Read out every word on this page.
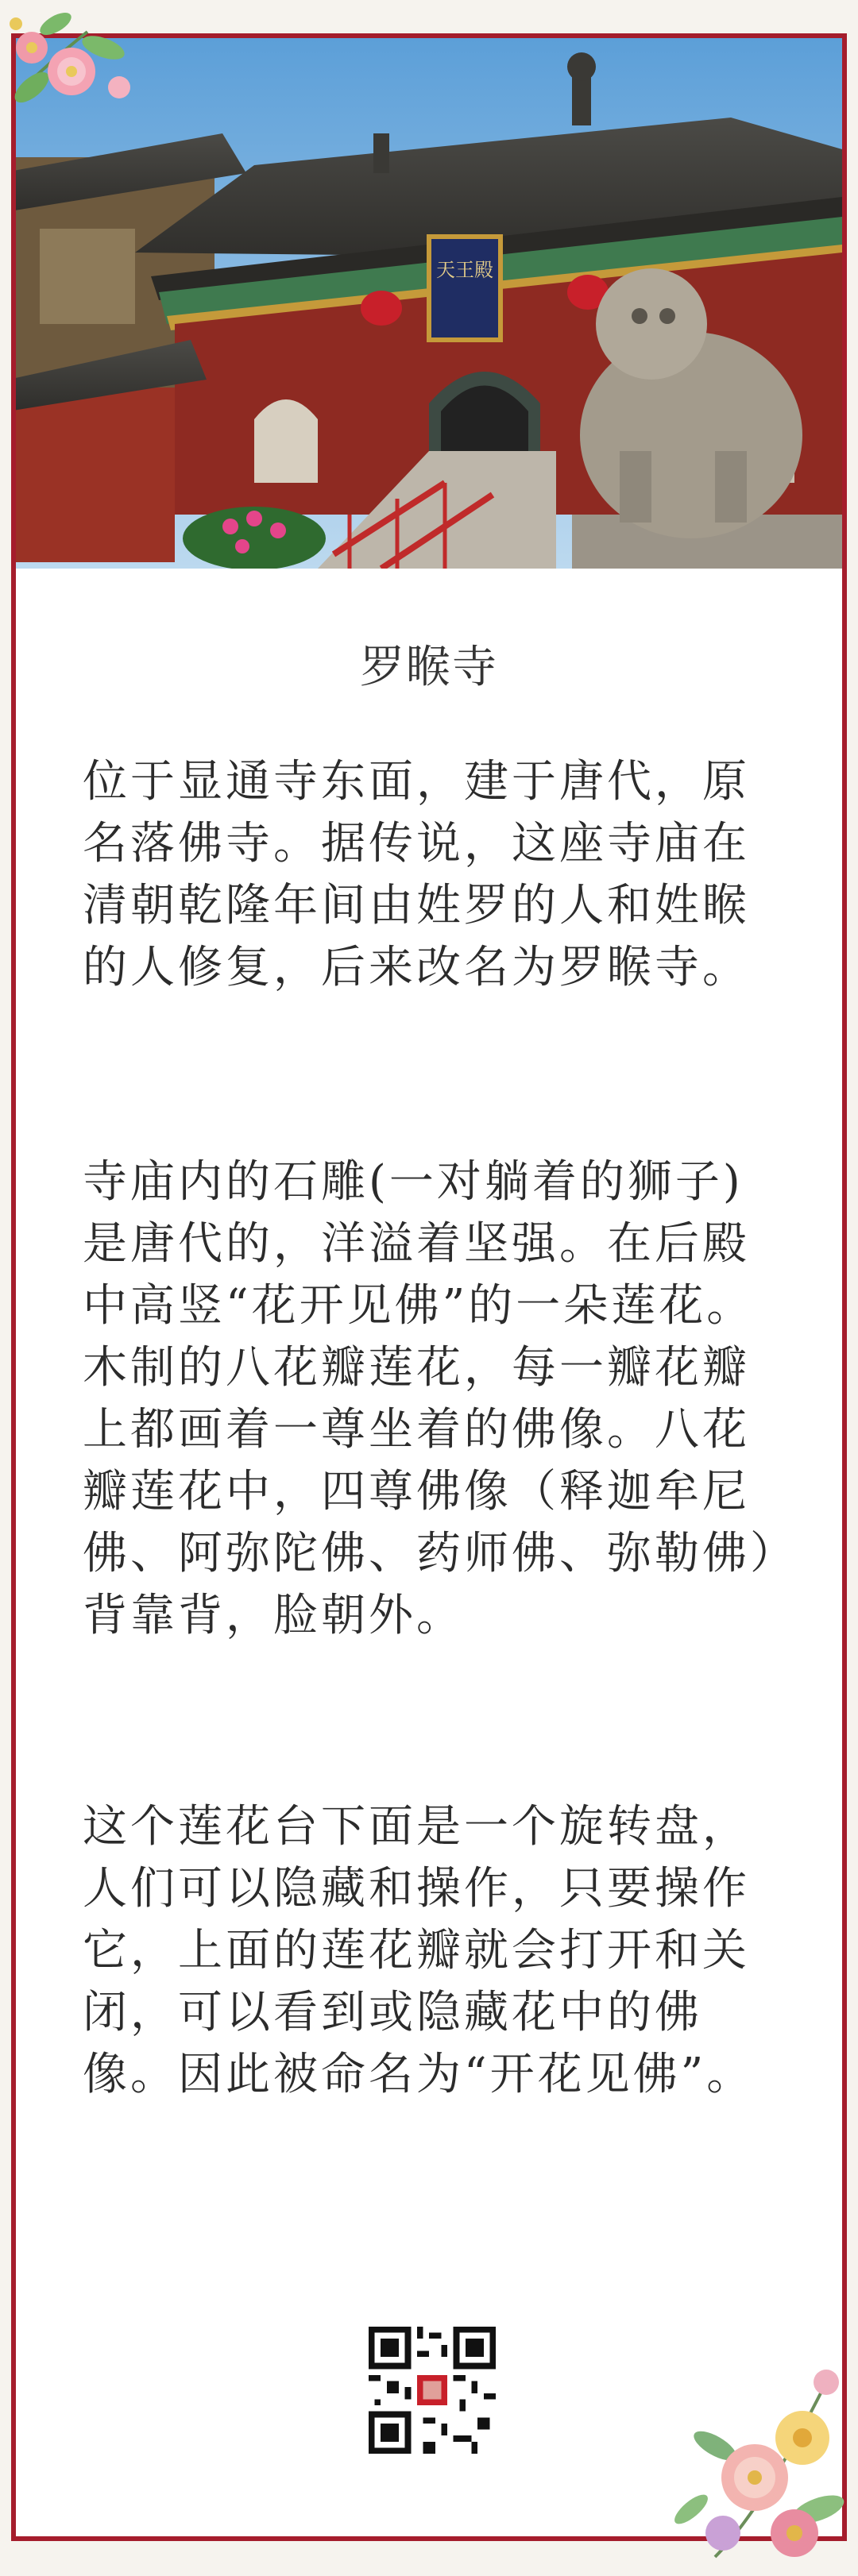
天王殿
罗睺寺
位于显通寺东面，建于唐代，原名落佛寺。据传说，这座寺庙在清朝乾隆年间由姓罗的人和姓睺的人修复，后来改名为罗睺寺。
寺庙内的石雕(一对躺着的狮子)是唐代的，洋溢着坚强。在后殿中高竖“花开见佛”的一朵莲花。木制的八花瓣莲花，每一瓣花瓣上都画着一尊坐着的佛像。八花瓣莲花中，四尊佛像（释迦牟尼佛、阿弥陀佛、药师佛、弥勒佛）背靠背，脸朝外。
这个莲花台下面是一个旋转盘，人们可以隐藏和操作，只要操作它，上面的莲花瓣就会打开和关闭，可以看到或隐藏花中的佛像。因此被命名为“开花见佛”。
